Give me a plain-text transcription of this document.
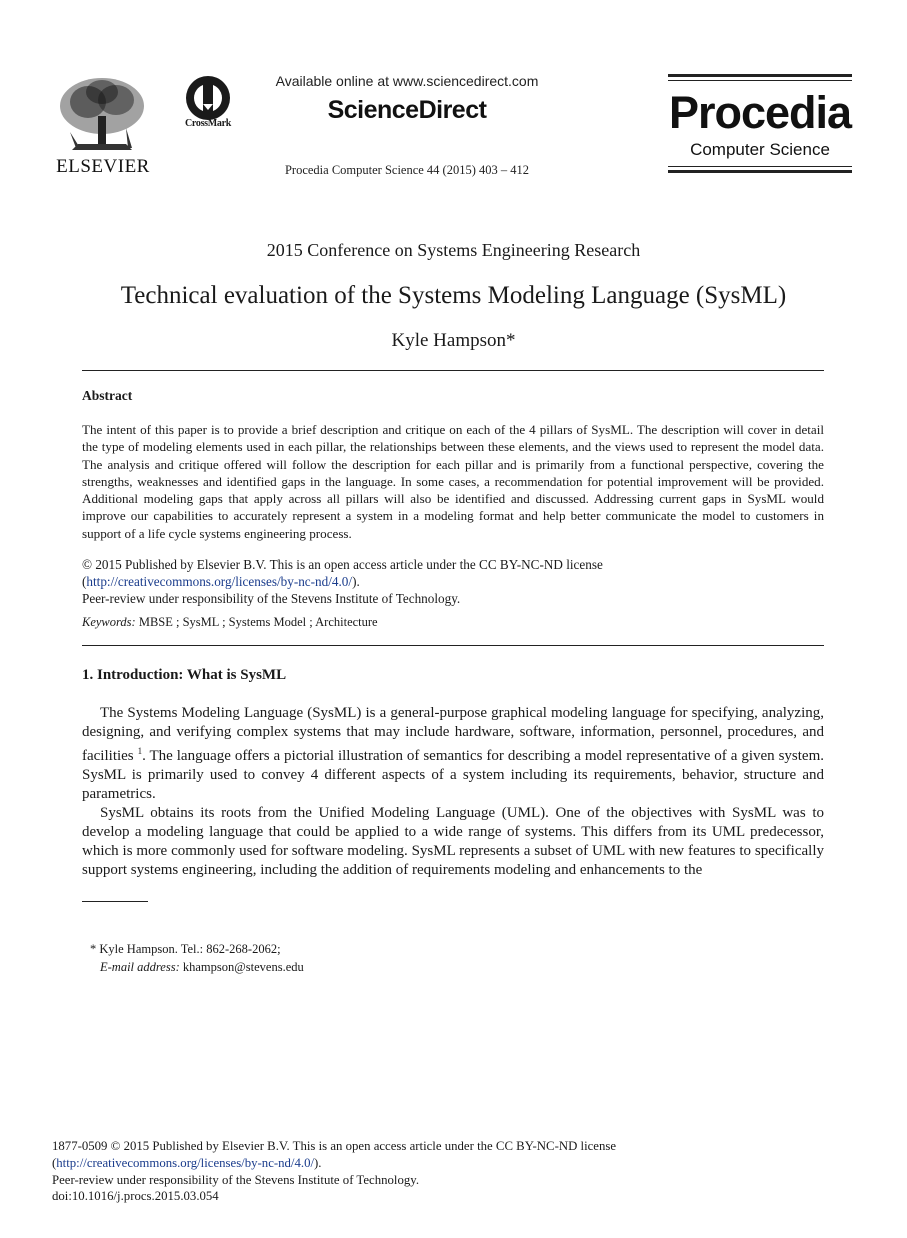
ELSEVIER
CrossMark
Available online at www.sciencedirect.com
ScienceDirect
Procedia Computer Science 44 (2015) 403 – 412
Procedia
Computer Science
2015 Conference on Systems Engineering Research
Technical evaluation of the Systems Modeling Language (SysML)
Kyle Hampson*
Abstract
The intent of this paper is to provide a brief description and critique on each of the 4 pillars of SysML. The description will cover in detail the type of modeling elements used in each pillar, the relationships between these elements, and the views used to represent the model data. The analysis and critique offered will follow the description for each pillar and is primarily from a functional perspective, covering the strengths, weaknesses and identified gaps in the language. In some cases, a recommendation for potential improvement will be provided. Additional modeling gaps that apply across all pillars will also be identified and discussed. Addressing current gaps in SysML would improve our capabilities to accurately represent a system in a modeling format and help better communicate the model to customers in support of a life cycle systems engineering process.
© 2015 Published by Elsevier B.V. This is an open access article under the CC BY-NC-ND license
(http://creativecommons.org/licenses/by-nc-nd/4.0/).
Peer-review under responsibility of the Stevens Institute of Technology.
Keywords: MBSE ; SysML ; Systems Model ; Architecture
1. Introduction: What is SysML

The Systems Modeling Language (SysML) is a general-purpose graphical modeling language for specifying, analyzing, designing, and verifying complex systems that may include hardware, software, information, personnel, procedures, and facilities $^1$. The language offers a pictorial illustration of semantics for describing a model representative of a given system. SysML is primarily used to convey 4 different aspects of a system including its requirements, behavior, structure and parametrics.

SysML obtains its roots from the Unified Modeling Language (UML). One of the objectives with SysML was to develop a modeling language that could be applied to a wide range of systems. This differs from its UML predecessor, which is more commonly used for software modeling. SysML represents a subset of UML with new features to specifically support systems engineering, including the addition of requirements modeling and enhancements to the

* Kyle Hampson. Tel.: 862-268-2062;
E-mail address: khampson@stevens.edu
1877-0509 © 2015 Published by Elsevier B.V. This is an open access article under the CC BY-NC-ND license
(http://creativecommons.org/licenses/by-nc-nd/4.0/).
Peer-review under responsibility of the Stevens Institute of Technology.
doi:10.1016/j.procs.2015.03.054
